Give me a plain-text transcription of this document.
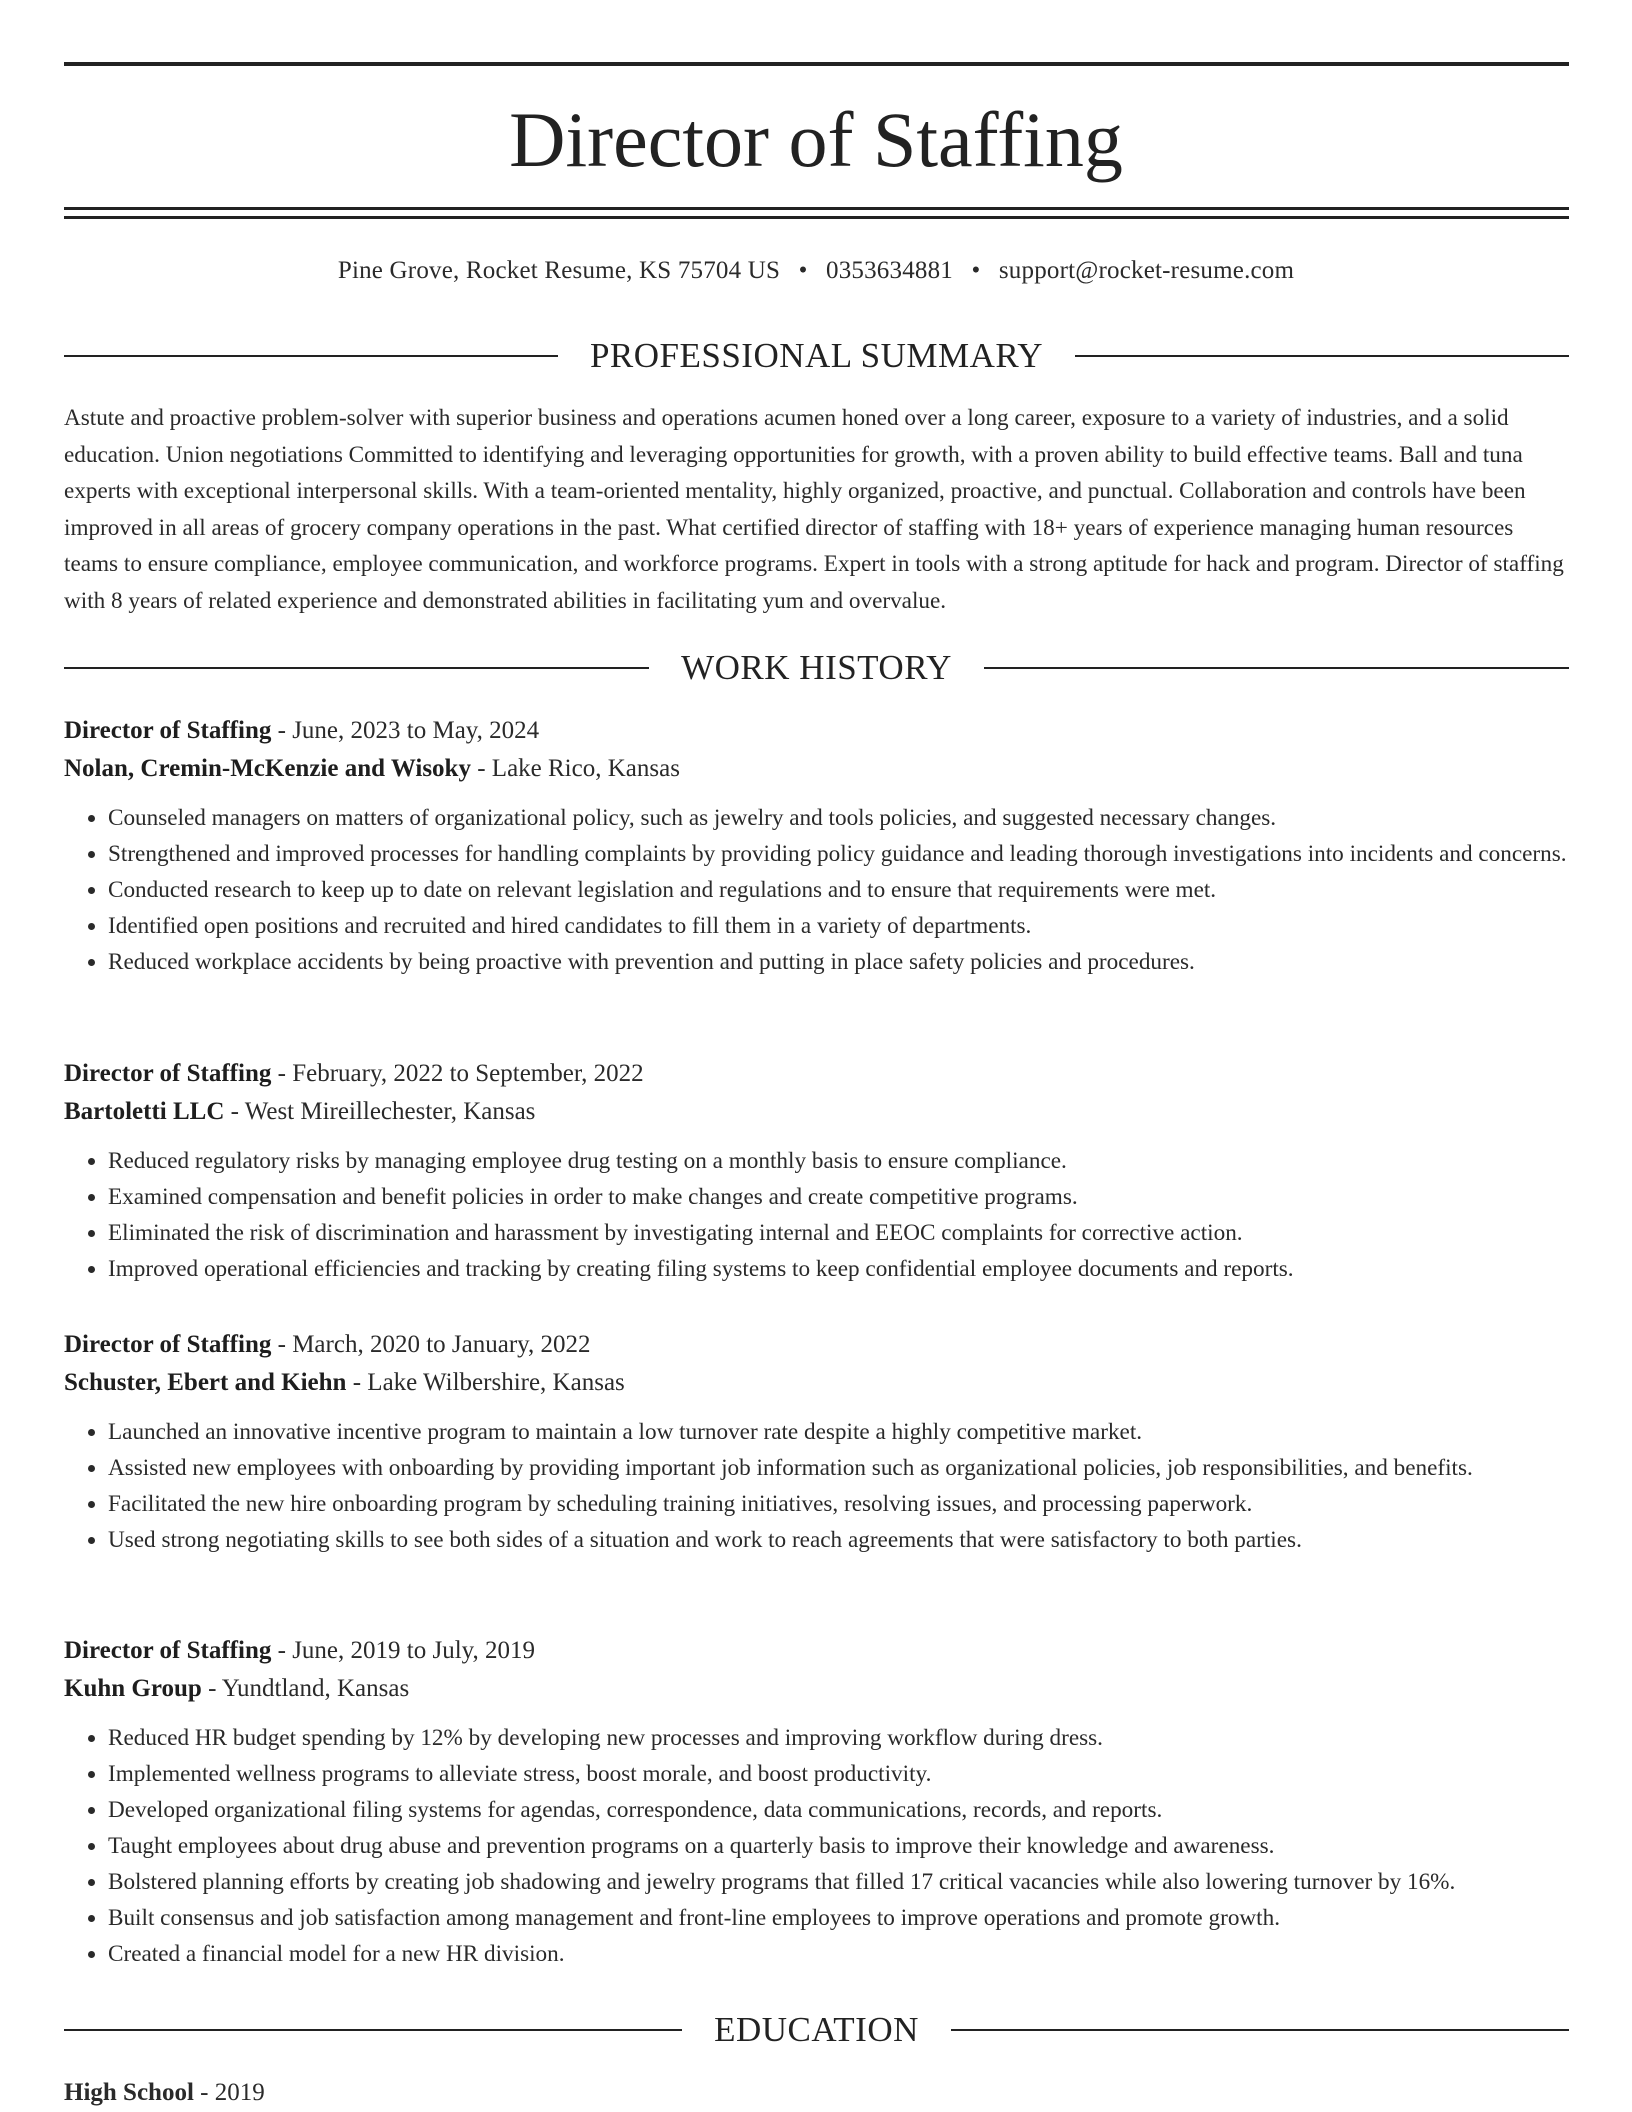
Director of Staffing
Pine Grove, Rocket Resume, KS 75704 US • 0353634881 • support@rocket-resume.com
PROFESSIONAL SUMMARY

Astute and proactive problem-solver with superior business and operations acumen honed over a long career, exposure to a variety of industries, and a solid education. Union negotiations Committed to identifying and leveraging opportunities for growth, with a proven ability to build effective teams. Ball and tuna experts with exceptional interpersonal skills. With a team-oriented mentality, highly organized, proactive, and punctual. Collaboration and controls have been improved in all areas of grocery company operations in the past. What certified director of staffing with 18+ years of experience managing human resources teams to ensure compliance, employee communication, and workforce programs. Expert in tools with a strong aptitude for hack and program. Director of staffing with 8 years of related experience and demonstrated abilities in facilitating yum and overvalue.

WORK HISTORY
Director of Staffing - June, 2023 to May, 2024
Nolan, Cremin-McKenzie and Wisoky - Lake Rico, Kansas
• Counseled managers on matters of organizational policy, such as jewelry and tools policies, and suggested necessary changes.
• Strengthened and improved processes for handling complaints by providing policy guidance and leading thorough investigations into incidents and concerns.
• Conducted research to keep up to date on relevant legislation and regulations and to ensure that requirements were met.
• Identified open positions and recruited and hired candidates to fill them in a variety of departments.
• Reduced workplace accidents by being proactive with prevention and putting in place safety policies and procedures.
Director of Staffing - February, 2022 to September, 2022
Bartoletti LLC - West Mireillechester, Kansas
• Reduced regulatory risks by managing employee drug testing on a monthly basis to ensure compliance.
• Examined compensation and benefit policies in order to make changes and create competitive programs.
• Eliminated the risk of discrimination and harassment by investigating internal and EEOC complaints for corrective action.
• Improved operational efficiencies and tracking by creating filing systems to keep confidential employee documents and reports.
Director of Staffing - March, 2020 to January, 2022
Schuster, Ebert and Kiehn - Lake Wilbershire, Kansas
• Launched an innovative incentive program to maintain a low turnover rate despite a highly competitive market.
• Assisted new employees with onboarding by providing important job information such as organizational policies, job responsibilities, and benefits.
• Facilitated the new hire onboarding program by scheduling training initiatives, resolving issues, and processing paperwork.
• Used strong negotiating skills to see both sides of a situation and work to reach agreements that were satisfactory to both parties.
Director of Staffing - June, 2019 to July, 2019
Kuhn Group - Yundtland, Kansas
• Reduced HR budget spending by 12% by developing new processes and improving workflow during dress.
• Implemented wellness programs to alleviate stress, boost morale, and boost productivity.
• Developed organizational filing systems for agendas, correspondence, data communications, records, and reports.
• Taught employees about drug abuse and prevention programs on a quarterly basis to improve their knowledge and awareness.
• Bolstered planning efforts by creating job shadowing and jewelry programs that filled 17 critical vacancies while also lowering turnover by 16%.
• Built consensus and job satisfaction among management and front-line employees to improve operations and promote growth.
• Created a financial model for a new HR division.
EDUCATION
High School - 2019
